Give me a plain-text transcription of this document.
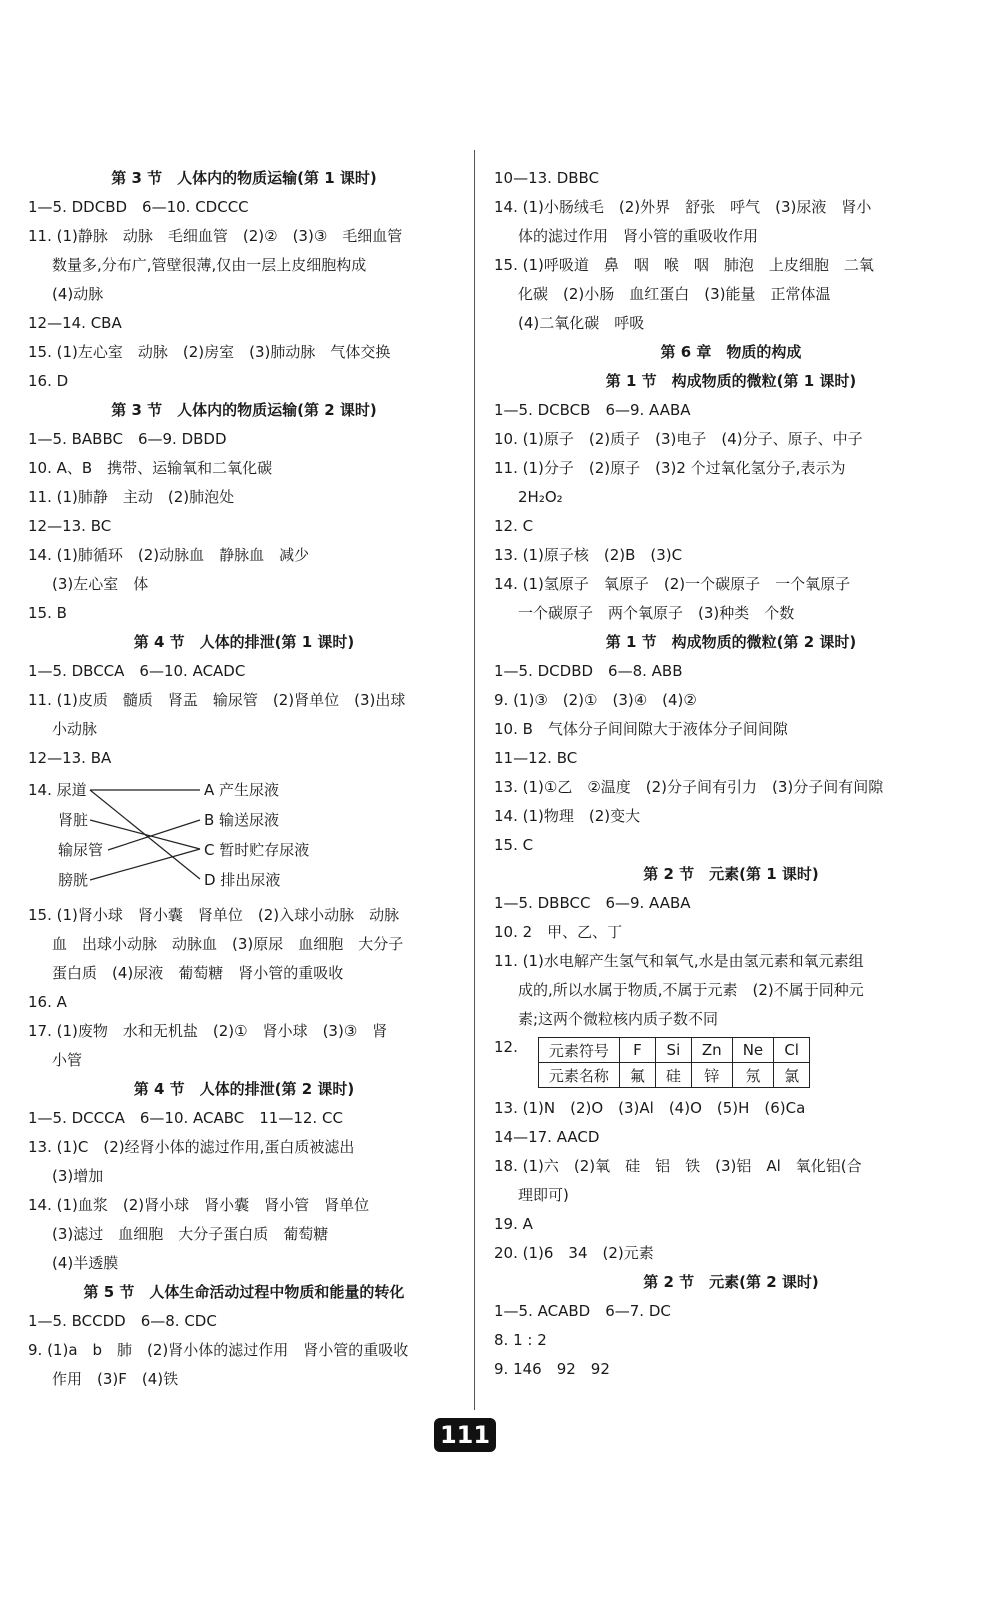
第 3 节　人体内的物质运输(第 1 课时)
1—5. DDCBD　6—10. CDCCC
11. (1)静脉　动脉　毛细血管　(2)②　(3)③　毛细血管
数量多,分布广,管壁很薄,仅由一层上皮细胞构成
(4)动脉
12—14. CBA
15. (1)左心室　动脉　(2)房室　(3)肺动脉　气体交换
16. D
第 3 节　人体内的物质运输(第 2 课时)
1—5. BABBC　6—9. DBDD
10. A、B　携带、运输氧和二氧化碳
11. (1)肺静　主动　(2)肺泡处
12—13. BC
14. (1)肺循环　(2)动脉血　静脉血　减少
(3)左心室　体
15. B
第 4 节　人体的排泄(第 1 课时)
1—5. DBCCA　6—10. ACADC
11. (1)皮质　髓质　肾盂　输尿管　(2)肾单位　(3)出球
小动脉
12—13. BA
14. 尿道
肾脏
输尿管
膀胱
A 产生尿液
B 输送尿液
C 暂时贮存尿液
D 排出尿液
15. (1)肾小球　肾小囊　肾单位　(2)入球小动脉　动脉
血　出球小动脉　动脉血　(3)原尿　血细胞　大分子
蛋白质　(4)尿液　葡萄糖　肾小管的重吸收
16. A
17. (1)废物　水和无机盐　(2)①　肾小球　(3)③　肾
小管
第 4 节　人体的排泄(第 2 课时)
1—5. DCCCA　6—10. ACABC　11—12. CC
13. (1)C　(2)经肾小体的滤过作用,蛋白质被滤出
(3)增加
14. (1)血浆　(2)肾小球　肾小囊　肾小管　肾单位
(3)滤过　血细胞　大分子蛋白质　葡萄糖
(4)半透膜
第 5 节　人体生命活动过程中物质和能量的转化
1—5. BCCDD　6—8. CDC
9. (1)a　b　肺　(2)肾小体的滤过作用　肾小管的重吸收
作用　(3)F　(4)铁
10—13. DBBC
14. (1)小肠绒毛　(2)外界　舒张　呼气　(3)尿液　肾小
体的滤过作用　肾小管的重吸收作用
15. (1)呼吸道　鼻　咽　喉　咽　肺泡　上皮细胞　二氧
化碳　(2)小肠　血红蛋白　(3)能量　正常体温
(4)二氧化碳　呼吸
第 6 章　物质的构成
第 1 节　构成物质的微粒(第 1 课时)
1—5. DCBCB　6—9. AABA
10. (1)原子　(2)质子　(3)电子　(4)分子、原子、中子
11. (1)分子　(2)原子　(3)2 个过氧化氢分子,表示为
2H₂O₂
12. C
13. (1)原子核　(2)B　(3)C
14. (1)氢原子　氧原子　(2)一个碳原子　一个氧原子
一个碳原子　两个氧原子　(3)种类　个数
第 1 节　构成物质的微粒(第 2 课时)
1—5. DCDBD　6—8. ABB
9. (1)③　(2)①　(3)④　(4)②
10. B　气体分子间间隙大于液体分子间间隙
11—12. BC
13. (1)①乙　②温度　(2)分子间有引力　(3)分子间有间隙
14. (1)物理　(2)变大
15. C
第 2 节　元素(第 1 课时)
1—5. DBBCC　6—9. AABA
10. 2　甲、乙、丁
11. (1)水电解产生氢气和氧气,水是由氢元素和氧元素组
成的,所以水属于物质,不属于元素　(2)不属于同种元
素;这两个微粒核内质子数不同
12. 元素符号	F	Si	Zn	Ne	Cl
元素名称	氟	硅	锌	氖	氯
13. (1)N　(2)O　(3)Al　(4)O　(5)H　(6)Ca
14—17. AACD
18. (1)六　(2)氧　硅　铝　铁　(3)铝　Al　氧化铝(合
理即可)
19. A
20. (1)6　34　(2)元素
第 2 节　元素(第 2 课时)
1—5. ACABD　6—7. DC
8. 1 : 2
9. 146　92　92
111
